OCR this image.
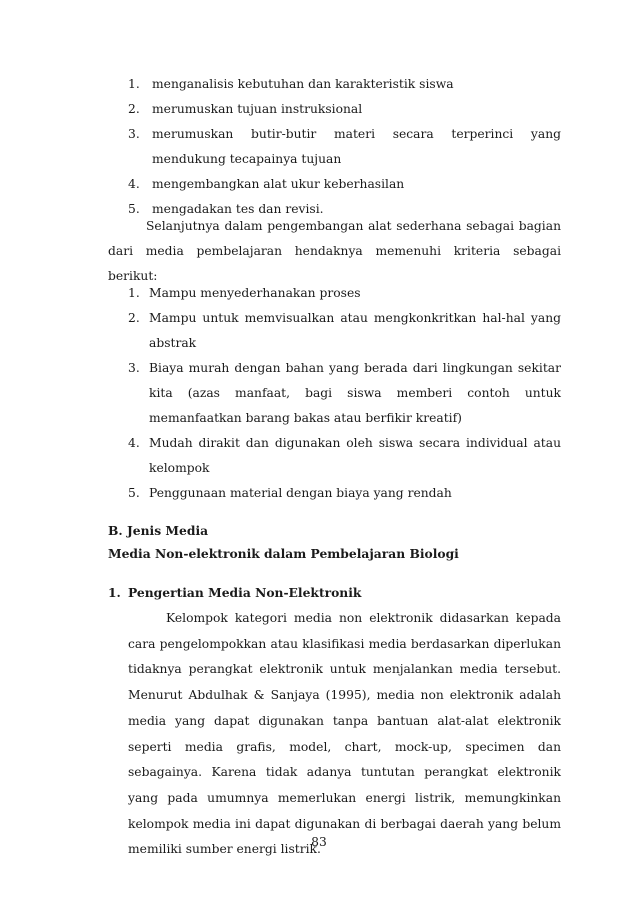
1. menganalisis kebutuhan dan karakteristik siswa
2. merumuskan tujuan instruksional
3. merumuskan butir-butir materi secara terperinci yang mendukung tecapainya tujuan
4. mengembangkan alat ukur keberhasilan
5. mengadakan tes dan revisi.

Selanjutnya dalam pengembangan alat sederhana sebagai bagian dari media pembelajaran hendaknya memenuhi kriteria sebagai berikut:

1. Mampu menyederhanakan proses
2. Mampu untuk memvisualkan atau mengkonkritkan hal-hal yang abstrak
3. Biaya murah dengan bahan yang berada dari lingkungan sekitar kita (azas manfaat, bagi siswa memberi contoh untuk memanfaatkan barang bakas atau berfikir kreatif)
4. Mudah dirakit dan digunakan oleh siswa secara individual atau kelompok
5. Penggunaan material dengan biaya yang rendah

B. Jenis Media

Media Non-elektronik dalam Pembelajaran Biologi

1. Pengertian Media Non-Elektronik

Kelompok kategori media non elektronik didasarkan kepada cara pengelompokkan atau klasifikasi media berdasarkan diperlukan tidaknya perangkat elektronik untuk menjalankan media tersebut. Menurut Abdulhak & Sanjaya (1995), media non elektronik adalah media yang dapat digunakan tanpa bantuan alat-alat elektronik seperti media grafis, model, chart, mock-up, specimen dan sebagainya. Karena tidak adanya tuntutan perangkat elektronik yang pada umumnya memerlukan energi listrik, memungkinkan kelompok media ini dapat digunakan di berbagai daerah yang belum memiliki sumber energi listrik.

83
